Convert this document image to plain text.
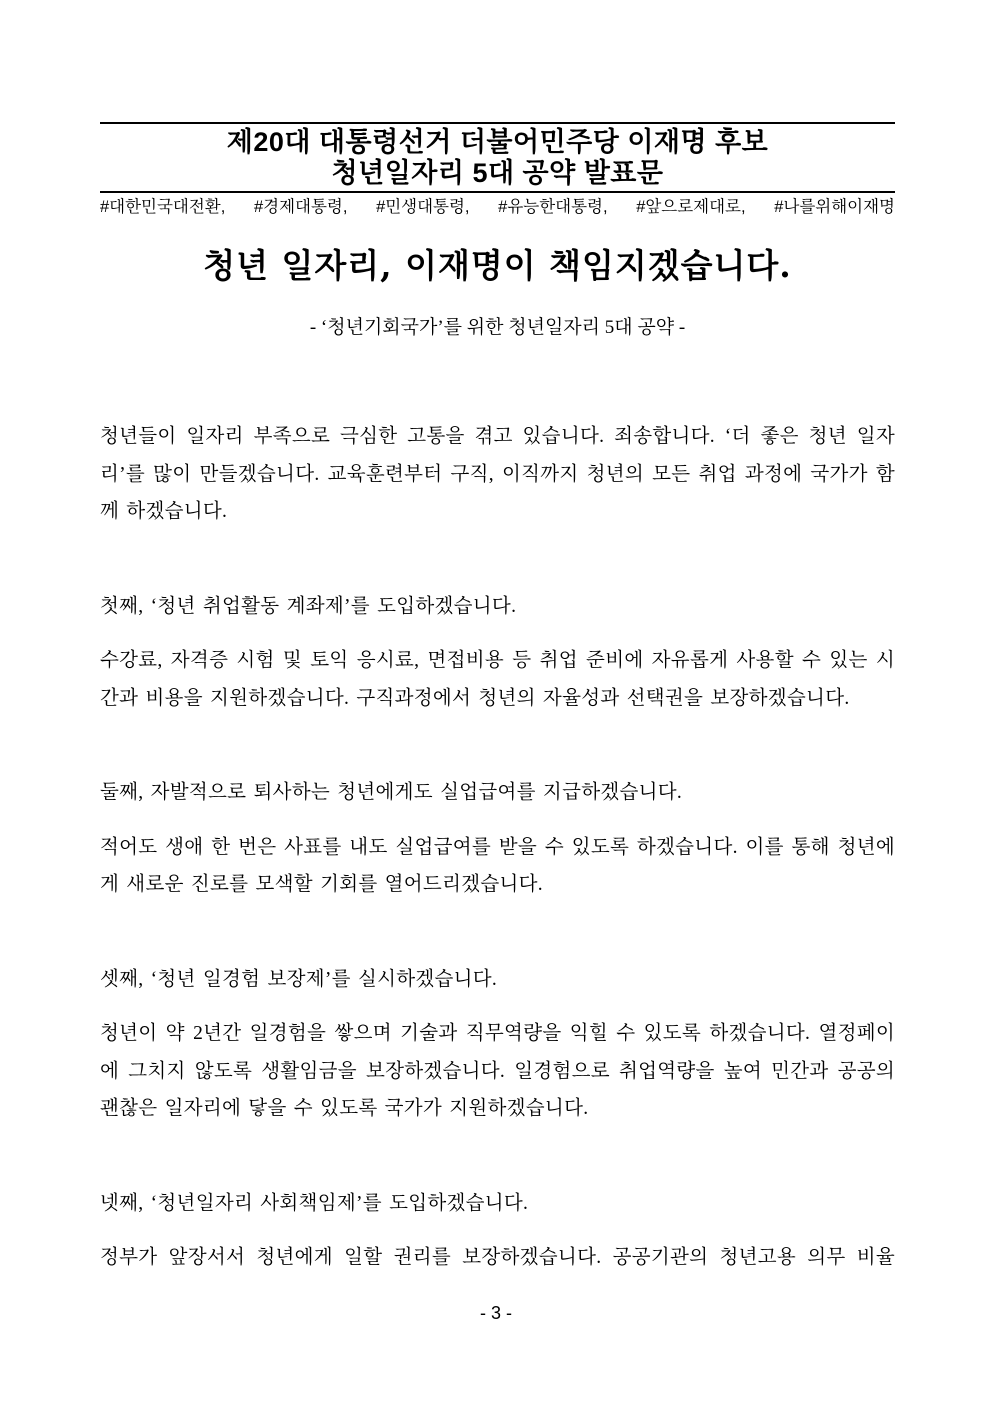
제20대 대통령선거 더불어민주당 이재명 후보
청년일자리 5대 공약 발표문
#대한민국대전환, #경제대통령, #민생대통령, #유능한대통령, #앞으로제대로, #나를위해이재명
청년 일자리, 이재명이 책임지겠습니다.
- ‘청년기회국가’를 위한 청년일자리 5대 공약 -

청년들이 일자리 부족으로 극심한 고통을 겪고 있습니다. 죄송합니다. ‘더 좋은 청년 일자리’를 많이 만들겠습니다. 교육훈련부터 구직, 이직까지 청년의 모든 취업 과정에 국가가 함께 하겠습니다.

첫째, ‘청년 취업활동 계좌제’를 도입하겠습니다.

수강료, 자격증 시험 및 토익 응시료, 면접비용 등 취업 준비에 자유롭게 사용할 수 있는 시간과 비용을 지원하겠습니다. 구직과정에서 청년의 자율성과 선택권을 보장하겠습니다.

둘째, 자발적으로 퇴사하는 청년에게도 실업급여를 지급하겠습니다.

적어도 생애 한 번은 사표를 내도 실업급여를 받을 수 있도록 하겠습니다. 이를 통해 청년에게 새로운 진로를 모색할 기회를 열어드리겠습니다.

셋째, ‘청년 일경험 보장제’를 실시하겠습니다.

청년이 약 2년간 일경험을 쌓으며 기술과 직무역량을 익힐 수 있도록 하겠습니다. 열정페이에 그치지 않도록 생활임금을 보장하겠습니다. 일경험으로 취업역량을 높여 민간과 공공의 괜찮은 일자리에 닿을 수 있도록 국가가 지원하겠습니다.

넷째, ‘청년일자리 사회책임제’를 도입하겠습니다.

정부가 앞장서서 청년에게 일할 권리를 보장하겠습니다. 공공기관의 청년고용 의무 비율

- 3 -
